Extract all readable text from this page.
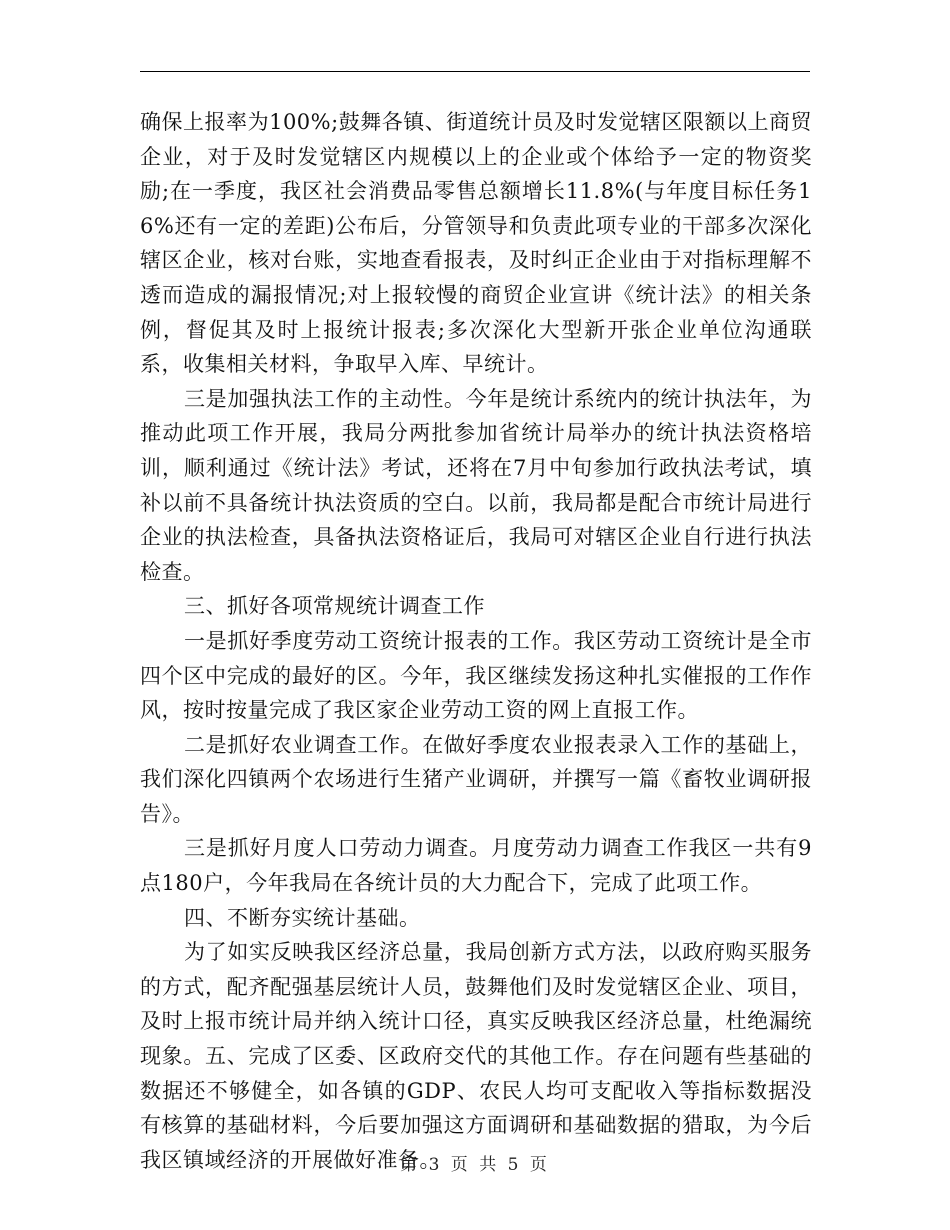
确保上报率为100%;鼓舞各镇、街道统计员及时发觉辖区限额以上商贸企业，对于及时发觉辖区内规模以上的企业或个体给予一定的物资奖励;在一季度，我区社会消费品零售总额增长11.8%(与年度目标任务16%还有一定的差距)公布后，分管领导和负责此项专业的干部多次深化辖区企业，核对台账，实地查看报表，及时纠正企业由于对指标理解不透而造成的漏报情况;对上报较慢的商贸企业宣讲《统计法》的相关条例，督促其及时上报统计报表;多次深化大型新开张企业单位沟通联系，收集相关材料，争取早入库、早统计。

三是加强执法工作的主动性。今年是统计系统内的统计执法年，为推动此项工作开展，我局分两批参加省统计局举办的统计执法资格培训，顺利通过《统计法》考试，还将在7月中旬参加行政执法考试，填补以前不具备统计执法资质的空白。以前，我局都是配合市统计局进行企业的执法检查，具备执法资格证后，我局可对辖区企业自行进行执法检查。

三、抓好各项常规统计调查工作

一是抓好季度劳动工资统计报表的工作。我区劳动工资统计是全市四个区中完成的最好的区。今年，我区继续发扬这种扎实催报的工作作风，按时按量完成了我区家企业劳动工资的网上直报工作。

二是抓好农业调查工作。在做好季度农业报表录入工作的基础上，我们深化四镇两个农场进行生猪产业调研，并撰写一篇《畜牧业调研报告》。

三是抓好月度人口劳动力调查。月度劳动力调查工作我区一共有9点180户，今年我局在各统计员的大力配合下，完成了此项工作。

四、不断夯实统计基础。

为了如实反映我区经济总量，我局创新方式方法，以政府购买服务的方式，配齐配强基层统计人员，鼓舞他们及时发觉辖区企业、项目，及时上报市统计局并纳入统计口径，真实反映我区经济总量，杜绝漏统现象。五、完成了区委、区政府交代的其他工作。存在问题有些基础的数据还不够健全，如各镇的GDP、农民人均可支配收入等指标数据没有核算的基础材料，今后要加强这方面调研和基础数据的猎取，为今后我区镇域经济的开展做好准备。

第 3 页 共 5 页
